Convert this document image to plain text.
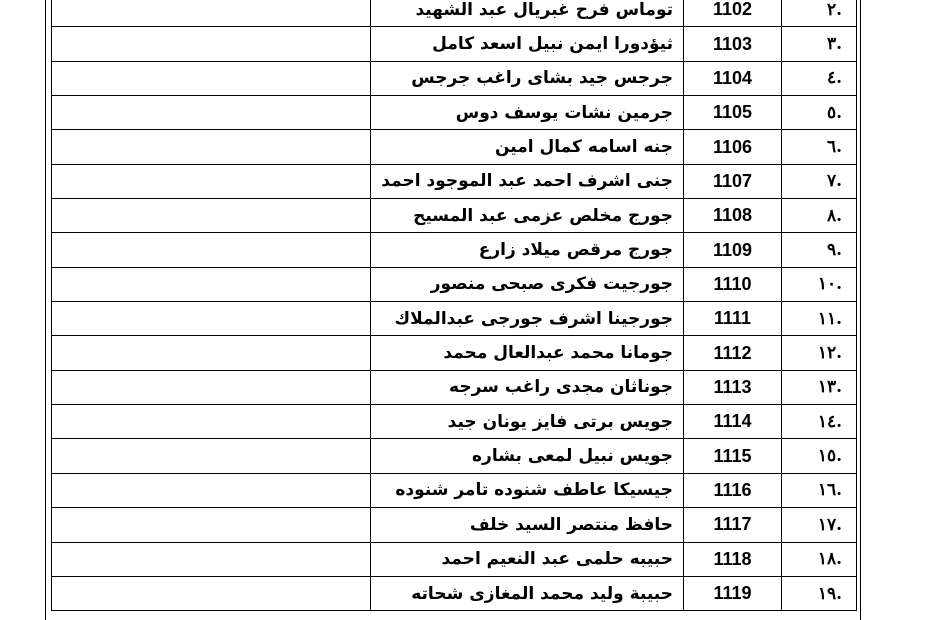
.٢	1102	توماس فرح غبريال عبد الشهيد	
.٣	1103	ثيؤدورا ايمن نبيل اسعد كامل	
.٤	1104	جرجس جيد بشاى راغب جرجس	
.٥	1105	جرمين نشات يوسف دوس	
.٦	1106	جنه اسامه كمال امين	
.٧	1107	جنى اشرف احمد عبد الموجود احمد	
.٨	1108	جورج مخلص عزمى عبد المسيح	
.٩	1109	جورج مرقص ميلاد زارع	
.١٠	1110	جورجيت فكرى صبحى منصور	
.١١	1111	جورجينا اشرف جورجى عبدالملاك	
.١٢	1112	جومانا محمد عبدالعال محمد	
.١٣	1113	جوناثان مجدى راغب سرجه	
.١٤	1114	جويس برتى فايز يونان جيد	
.١٥	1115	جويس نبيل لمعى بشاره	
.١٦	1116	جيسيكا عاطف شنوده تامر شنوده	
.١٧	1117	حافظ منتصر السيد خلف	
.١٨	1118	حبيبه حلمى عبد النعيم احمد	
.١٩	1119	حبيبة وليد محمد المغازى شحاته	
